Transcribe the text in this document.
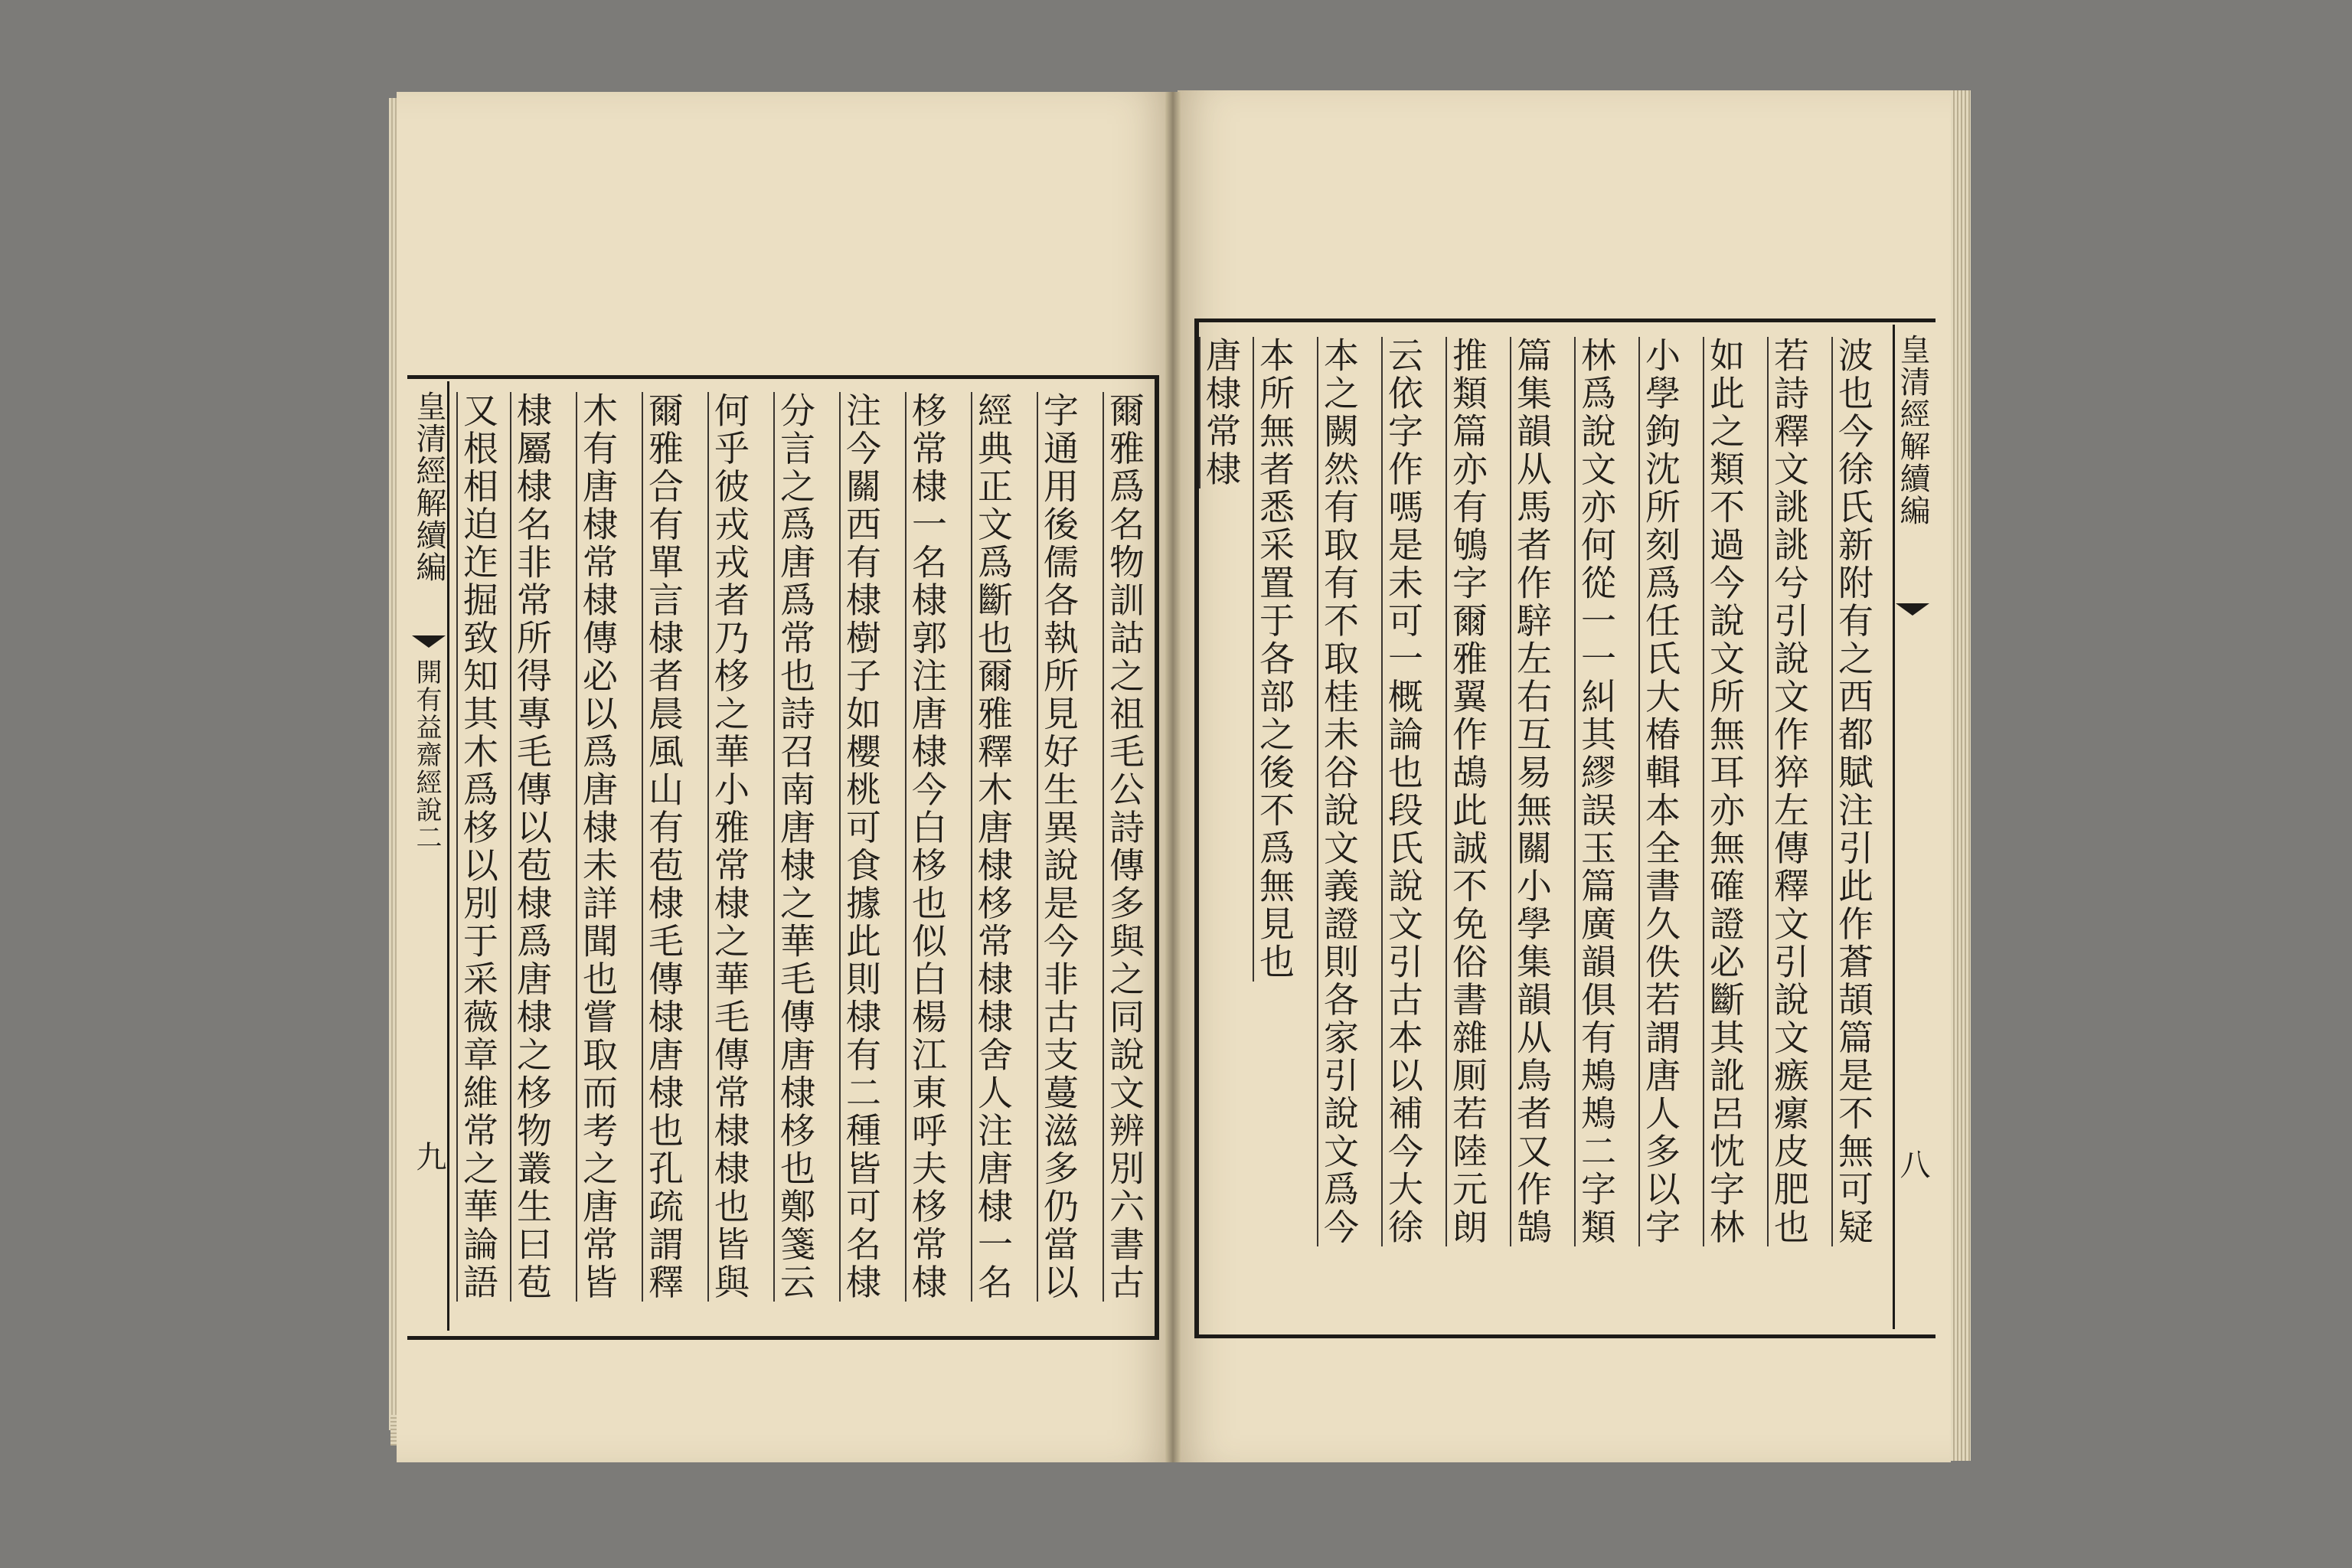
皇清經解續編
開有益齋經說二
九
皇清經解續編
八
爾雅爲名物訓詁之祖毛公詩傳多與之同說文辨別六書古
字通用後儒各執所見好生異說是今非古支蔓滋多仍當以
經典正文爲斷也爾雅釋木唐棣栘常棣棣舍人注唐棣一名
栘常棣一名棣郭注唐棣今白栘也似白楊江東呼夫栘常棣
注今關西有棣樹子如櫻桃可食據此則棣有二種皆可名棣
分言之爲唐爲常也詩召南唐棣之華毛傳唐棣栘也鄭箋云
何乎彼戎戎者乃栘之華小雅常棣之華毛傳常棣棣也皆與
爾雅合有單言棣者晨風山有苞棣毛傳棣唐棣也孔疏謂釋
木有唐棣常棣傳必以爲唐棣未詳聞也嘗取而考之唐常皆
棣屬棣名非常所得專毛傳以苞棣爲唐棣之栘物叢生曰苞
又根相迫迮掘致知其木爲栘以別于采薇章維常之華論語	波也今徐氏新附有之西都賦注引此作蒼頡篇是不無可疑
若詩釋文誂誂兮引說文作猝左傳釋文引說文瘯瘰皮肥也
如此之類不過今說文所無耳亦無確證必斷其訛呂忱字林
小學鉤沈所刻爲任氏大椿輯本全書久佚若謂唐人多以字
林爲說文亦何從一一糾其繆誤玉篇廣韻俱有鴂鴂二字類
篇集韻从馬者作騂左右互易無關小學集韻从鳥者又作鵠
推類篇亦有鴝字爾雅翼作鴣此誠不免俗書雜厠若陸元朗
云依字作嗎是未可一概論也段氏說文引古本以補今大徐
本之闕然有取有不取桂未谷說文義證則各家引說文爲今
本所無者悉采置于各部之後不爲無見也
唐棣常棣
